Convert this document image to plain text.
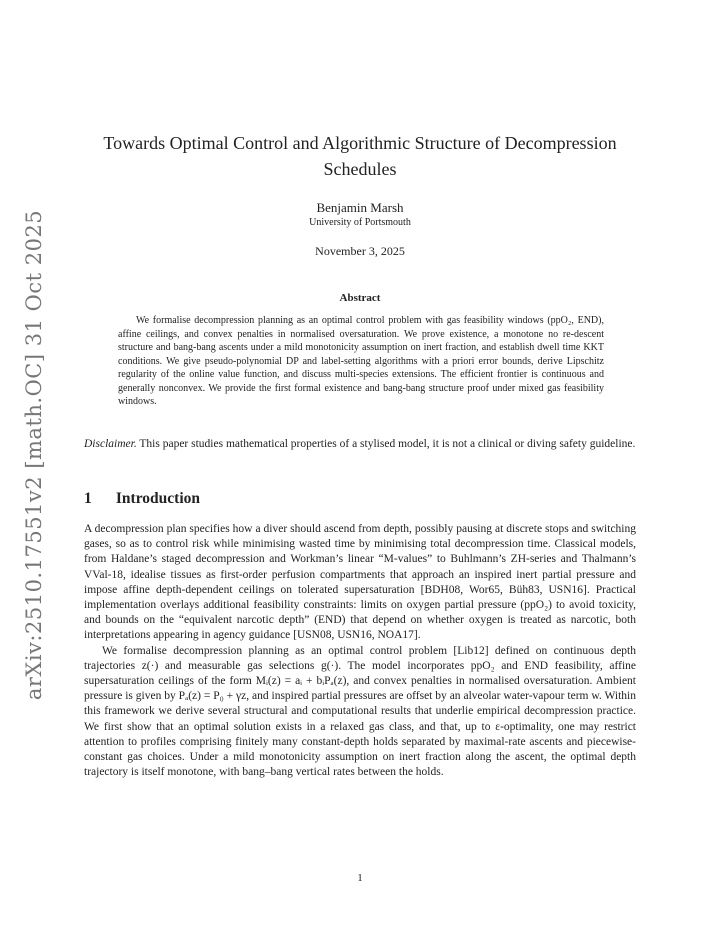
arXiv:2510.17551v2 [math.OC] 31 Oct 2025
Towards Optimal Control and Algorithmic Structure of Decompression Schedules
Benjamin Marsh
University of Portsmouth
November 3, 2025
Abstract
We formalise decompression planning as an optimal control problem with gas feasibility windows (ppO₂, END), affine ceilings, and convex penalties in normalised oversaturation. We prove existence, a monotone no re-descent structure and bang-bang ascents under a mild monotonicity assumption on inert fraction, and establish dwell time KKT conditions. We give pseudo-polynomial DP and label-setting algorithms with a priori error bounds, derive Lipschitz regularity of the online value function, and discuss multi-species extensions. The efficient frontier is continuous and generally nonconvex. We provide the first formal existence and bang-bang structure proof under mixed gas feasibility windows.
Disclaimer. This paper studies mathematical properties of a stylised model, it is not a clinical or diving safety guideline.
1 Introduction

A decompression plan specifies how a diver should ascend from depth, possibly pausing at discrete stops and switching gases, so as to control risk while minimising wasted time by minimising total decompression time. Classical models, from Haldane’s staged decompression and Workman’s linear “M-values” to Buhlmann’s ZH-series and Thalmann’s VVal-18, idealise tissues as first-order perfusion compartments that approach an inspired inert partial pressure and impose affine depth-dependent ceilings on tolerated supersaturation [BDH08, Wor65, Büh83, USN16]. Practical implementation overlays additional feasibility constraints: limits on oxygen partial pressure (ppO₂) to avoid toxicity, and bounds on the “equivalent narcotic depth” (END) that depend on whether oxygen is treated as narcotic, both interpretations appearing in agency guidance [USN08, USN16, NOA17].

We formalise decompression planning as an optimal control problem [Lib12] defined on continuous depth trajectories z(·) and measurable gas selections g(·). The model incorporates ppO₂ and END feasibility, affine supersaturation ceilings of the form Mᵢ(z) = aᵢ + bᵢPₐ(z), and convex penalties in normalised oversaturation. Ambient pressure is given by Pₐ(z) = P₀ + γz, and inspired partial pressures are offset by an alveolar water-vapour term w. Within this framework we derive several structural and computational results that underlie empirical decompression practice. We first show that an optimal solution exists in a relaxed gas class, and that, up to ε-optimality, one may restrict attention to profiles comprising finitely many constant-depth holds separated by maximal-rate ascents and piecewise-constant gas choices. Under a mild monotonicity assumption on inert fraction along the ascent, the optimal depth trajectory is itself monotone, with bang–bang vertical rates between the holds.

1
